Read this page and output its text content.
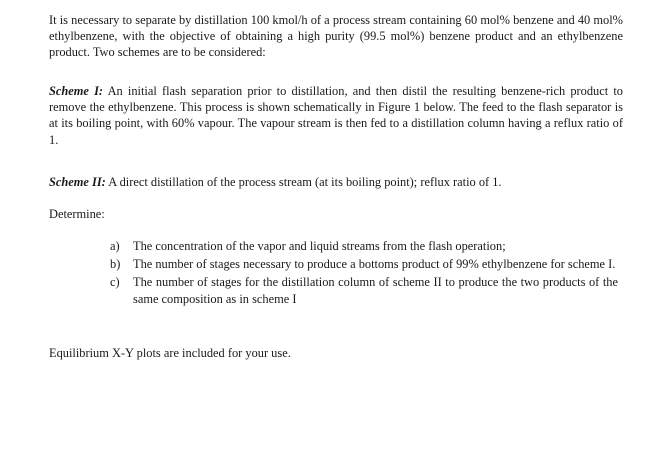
It is necessary to separate by distillation 100 kmol/h of a process stream containing 60 mol% benzene and 40 mol% ethylbenzene, with the objective of obtaining a high purity (99.5 mol%) benzene product and an ethylbenzene product. Two schemes are to be considered:

Scheme I: An initial flash separation prior to distillation, and then distil the resulting benzene-rich product to remove the ethylbenzene. This process is shown schematically in Figure 1 below. The feed to the flash separator is at its boiling point, with 60% vapour. The vapour stream is then fed to a distillation column having a reflux ratio of 1.

Scheme II: A direct distillation of the process stream (at its boiling point); reflux ratio of 1.

Determine:

a) The concentration of the vapor and liquid streams from the flash operation;
b) The number of stages necessary to produce a bottoms product of 99% ethylbenzene for scheme I.
c) The number of stages for the distillation column of scheme II to produce the two products of the same composition as in scheme I

Equilibrium X-Y plots are included for your use.
